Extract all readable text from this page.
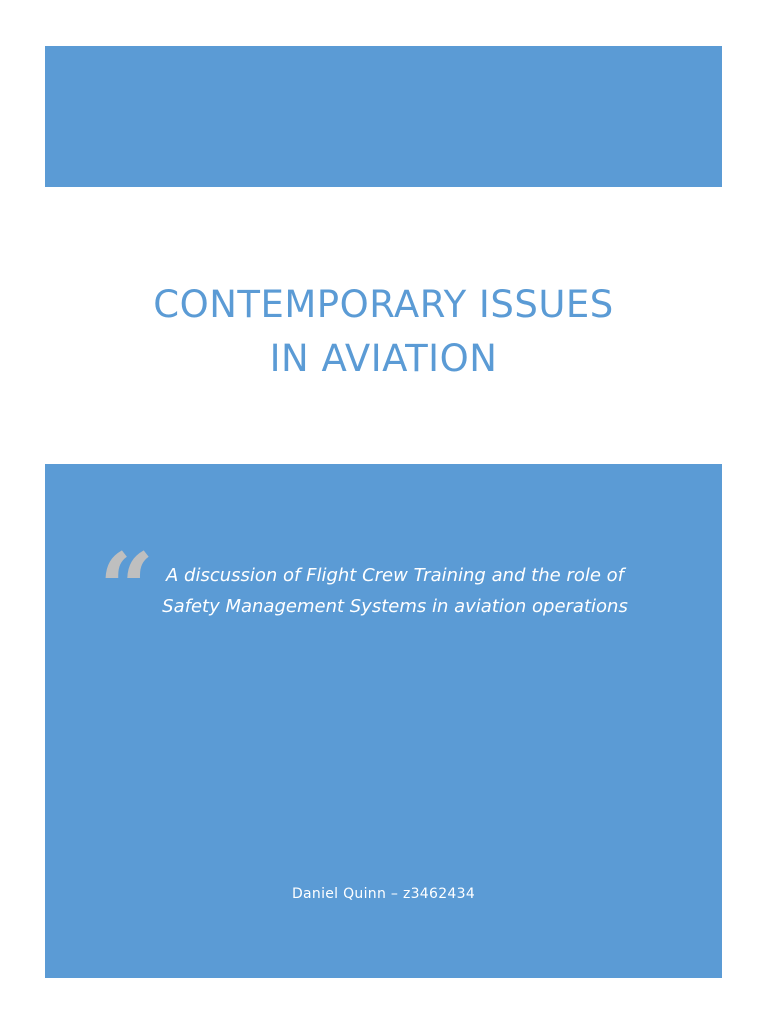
CONTEMPORARY ISSUES
IN AVIATION
“ A discussion of Flight Crew Training and the role of Safety Management Systems in aviation operations

Daniel Quinn – z3462434
